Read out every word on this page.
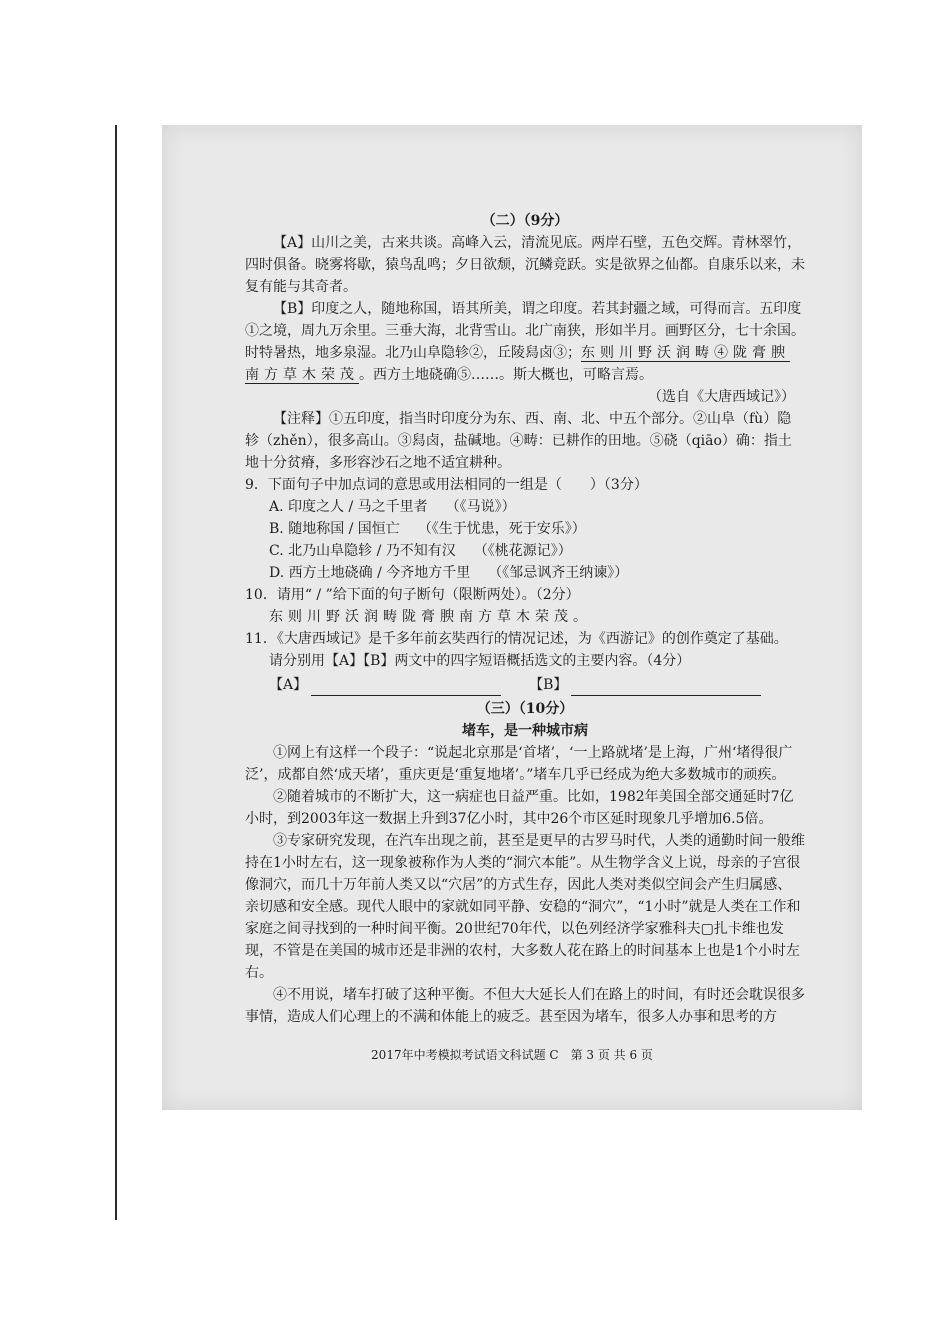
（二）（9分）

【A】山川之美，古来共谈。高峰入云，清流见底。两岸石壁，五色交辉。青林翠竹，四时俱备。晓雾将歇，猿鸟乱鸣；夕日欲颓，沉鳞竞跃。实是欲界之仙都。自康乐以来，未复有能与其奇者。

【B】印度之人，随地称国，语其所美，谓之印度。若其封疆之域，可得而言。五印度①之境，周九万余里。三垂大海，北背雪山。北广南狭，形如半月。画野区分，七十余国。时特暑热，地多泉湿。北乃山阜隐轸②，丘陵舄卤③；东则川野沃润畴④陇膏腴南方草木荣茂。西方土地硗确⑤……。斯大概也，可略言焉。

（选自《大唐西域记》）

【注释】①五印度，指当时印度分为东、西、南、北、中五个部分。②山阜（fù）隐轸（zhěn），很多高山。③舄卤，盐碱地。④畴：已耕作的田地。⑤硗（qiāo）确：指土地十分贫瘠，多形容沙石之地不适宜耕种。

9．下面句子中加点词的意思或用法相同的一组是（　　）（3分）

A. 印度之人 / 马之千里者 （《马说》）

B. 随地称国 / 国恒亡 （《生于忧患，死于安乐》）

C. 北乃山阜隐轸 / 乃不知有汉 （《桃花源记》）

D. 西方土地硗确 / 今齐地方千里 （《邹忌讽齐王纳谏》）

10．请用“ / ”给下面的句子断句（限断两处）。（2分）

东则川野沃润畴陇膏腴南方草木荣茂。

11．《大唐西域记》是千多年前玄奘西行的情况记述，为《西游记》的创作奠定了基础。

请分别用【A】【B】两文中的四字短语概括选文的主要内容。（4分）

【A】	【B】

（三）（10分）

堵车，是一种城市病

①网上有这样一个段子：“说起北京那是‘首堵’，‘一上路就堵’是上海，广州‘堵得很广泛’，成都自然‘成天堵’，重庆更是‘重复地堵’。”堵车几乎已经成为绝大多数城市的顽疾。

②随着城市的不断扩大，这一病症也日益严重。比如，1982年美国全部交通延时7亿小时，到2003年这一数据上升到37亿小时，其中26个市区延时现象几乎增加6.5倍。

③专家研究发现，在汽车出现之前，甚至是更早的古罗马时代，人类的通勤时间一般维持在1小时左右，这一现象被称作为人类的“洞穴本能”。从生物学含义上说，母亲的子宫很像洞穴，而几十万年前人类又以“穴居”的方式生存，因此人类对类似空间会产生归属感、亲切感和安全感。现代人眼中的家就如同平静、安稳的“洞穴”，“1小时”就是人类在工作和家庭之间寻找到的一种时间平衡。20世纪70年代，以色列经济学家雅科夫▢扎卡维也发现，不管是在美国的城市还是非洲的农村，大多数人花在路上的时间基本上也是1个小时左右。

④不用说，堵车打破了这种平衡。不但大大延长人们在路上的时间，有时还会耽误很多事情，造成人们心理上的不满和体能上的疲乏。甚至因为堵车，很多人办事和思考的方

2017年中考模拟考试语文科试题 C　第 3 页 共 6 页
